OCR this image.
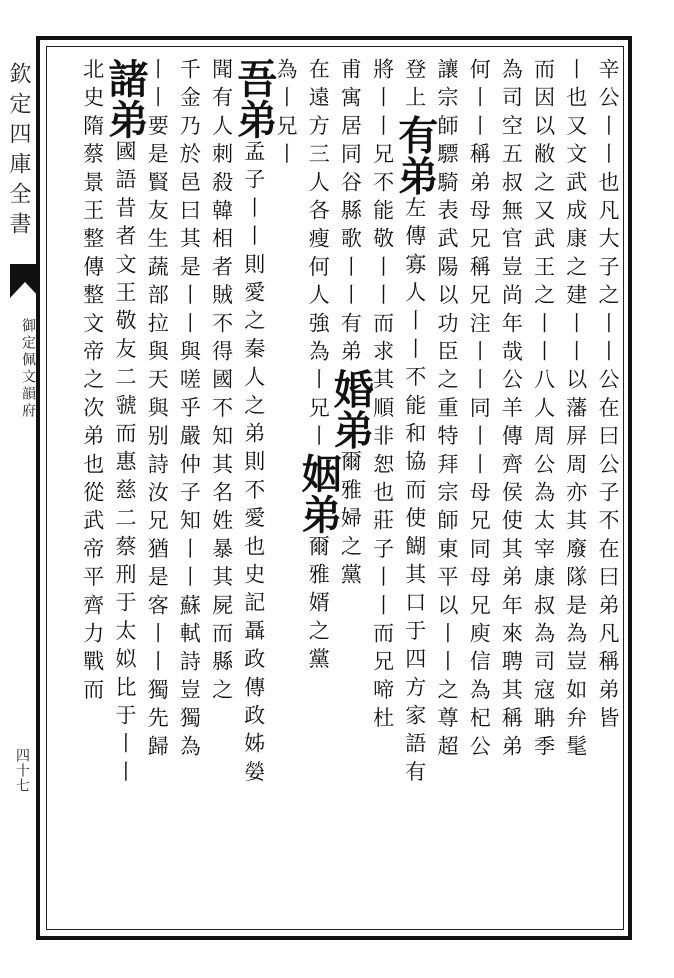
欽定四庫全書
御定佩文韻府
四十七
辛公丨丨也凡大子之丨丨公在曰公子不在曰弟凡稱弟皆
丨也又文武成康之建丨丨以藩屏周亦其廢隊是為豈如弁髦
而因以敝之又武王之丨丨八人周公為太宰康叔為司寇聃季
為司空五叔無官豈尚年哉公羊傳齊侯使其弟年來聘其稱弟
何丨丨稱弟母兄稱兄注丨丨同丨丨母兄同母兄庾信為杞公
讓宗師驃騎表武陽以功臣之重特拜宗師東平以丨丨之尊超
登上有弟左傳寡人丨丨不能和協而使餬其口于四方家語有
將丨丨兄不能敬丨丨而求其順非恕也莊子丨丨而兄啼杜
甫寓居同谷縣歌丨丨有弟婚弟爾雅婦之黨
在遠方三人各瘦何人強為丨兄丨姻弟爾雅婿之黨
為丨兄丨
吾弟孟子丨丨則愛之秦人之弟則不愛也史記聶政傳政姊嫈
聞有人刺殺韓相者賊不得國不知其名姓暴其屍而縣之
千金乃於邑曰其是丨丨與嗟乎嚴仲子知丨丨蘇軾詩豈獨為
丨丨要是賢友生蔬部拉與天與别詩汝兄猶是客丨丨獨先歸
諸弟國語昔者文王敬友二虢而惠慈二蔡刑于太姒比于丨丨
北史隋蔡景王整傳整文帝之次弟也從武帝平齊力戰而
